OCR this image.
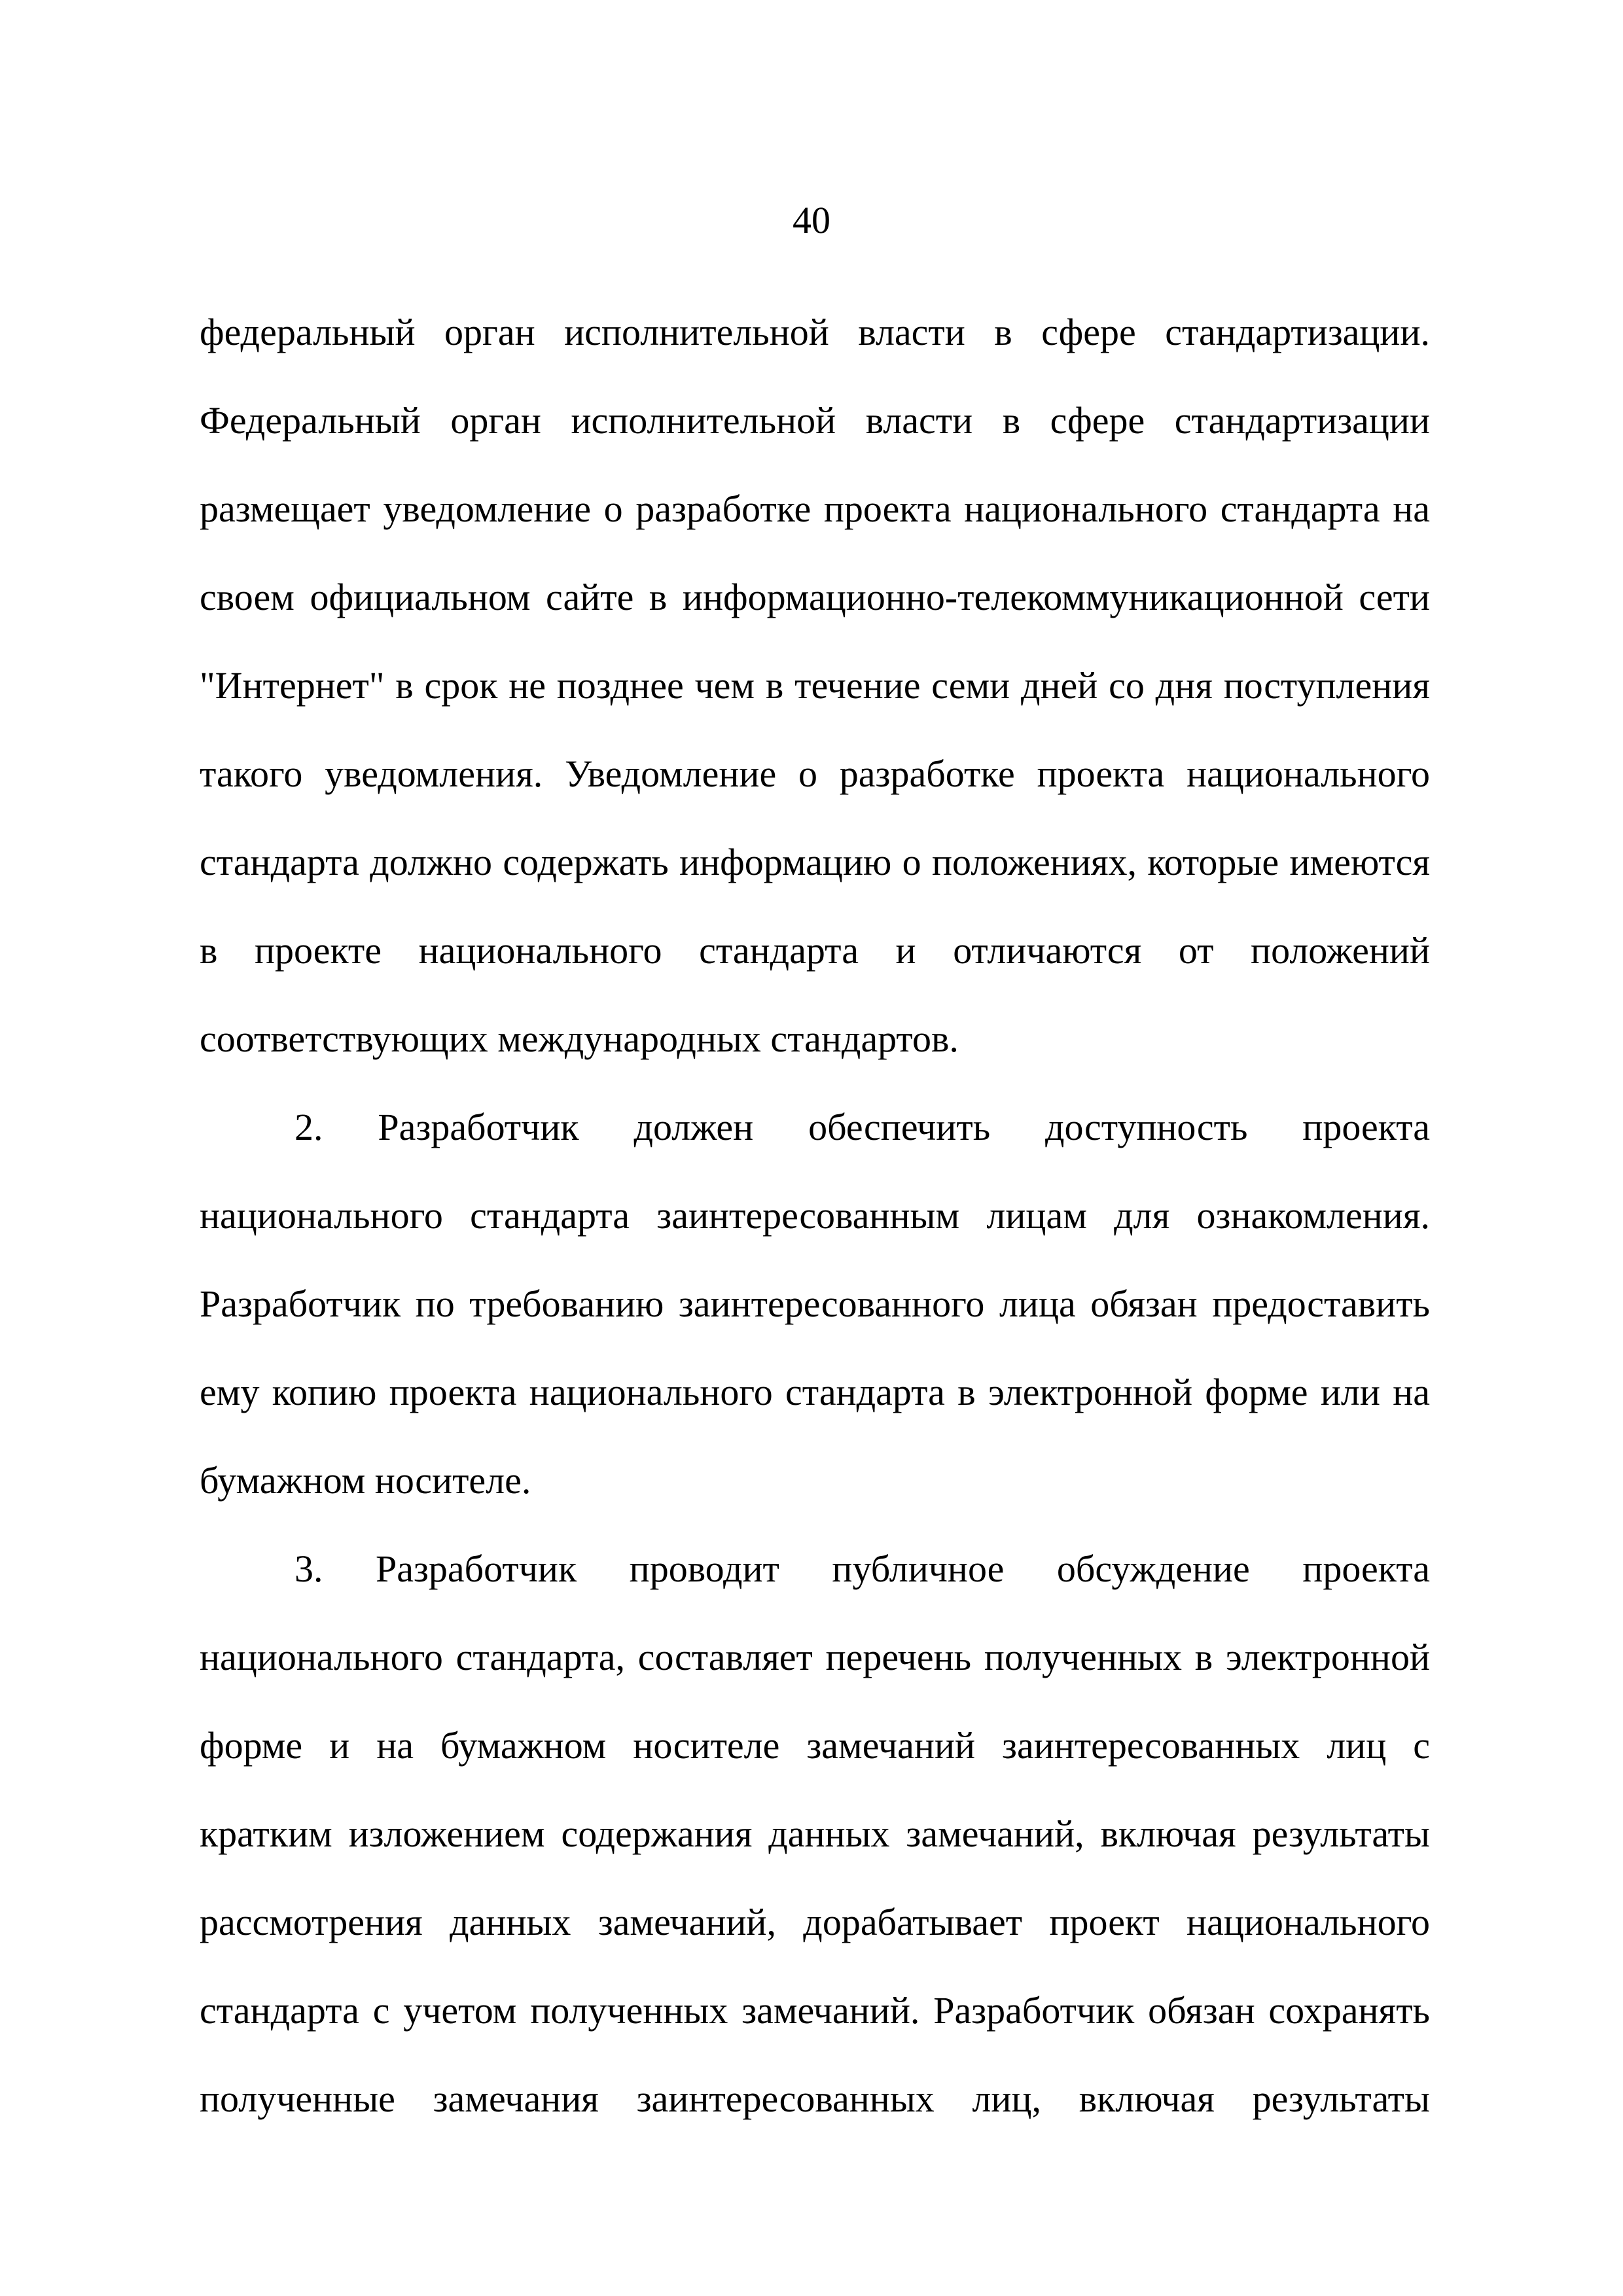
40

федеральный орган исполнительной власти в сфере стандартизации. Федеральный орган исполнительной власти в сфере стандартизации размещает уведомление о разработке проекта национального стандарта на своем официальном сайте в информационно-телекоммуникационной сети "Интернет" в срок не позднее чем в течение семи дней со дня поступления такого уведомления. Уведомление о разработке проекта национального стандарта должно содержать информацию о положениях, которые имеются в проекте национального стандарта и отличаются от положений соответствующих международных стандартов.

2. Разработчик должен обеспечить доступность проекта национального стандарта заинтересованным лицам для ознакомления. Разработчик по требованию заинтересованного лица обязан предоставить ему копию проекта национального стандарта в электронной форме или на бумажном носителе.

3. Разработчик проводит публичное обсуждение проекта национального стандарта, составляет перечень полученных в электронной форме и на бумажном носителе замечаний заинтересованных лиц с кратким изложением содержания данных замечаний, включая результаты рассмотрения данных замечаний, дорабатывает проект национального стандарта с учетом полученных замечаний. Разработчик обязан сохранять полученные замечания заинтересованных лиц, включая результаты
